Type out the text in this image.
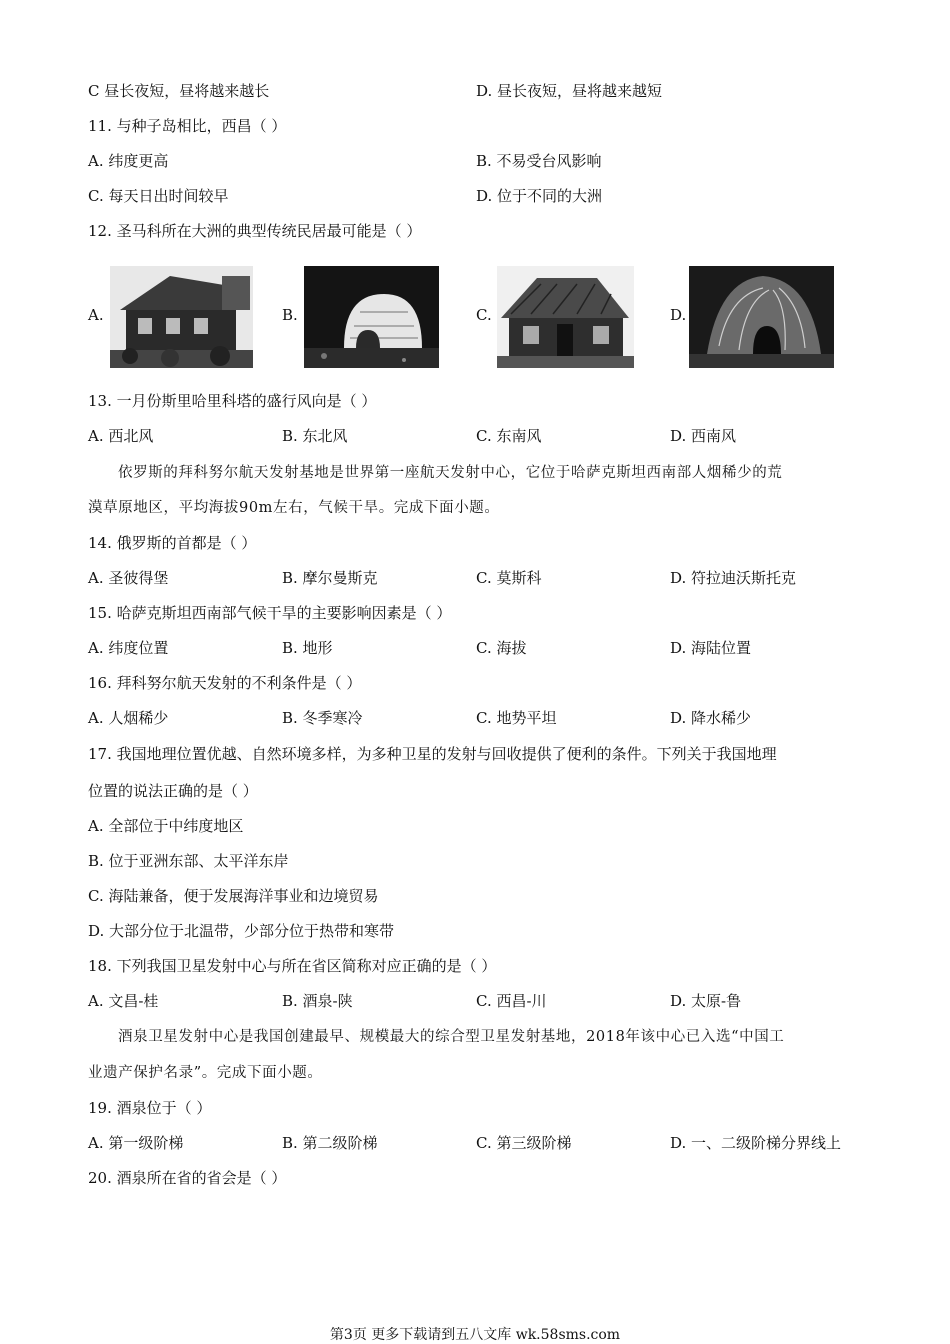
C 昼长夜短，昼将越来越长	D. 昼长夜短，昼将越来越短
11. 与种子岛相比，西昌（ ）
A. 纬度更高	B. 不易受台风影响
C. 每天日出时间较早	D. 位于不同的大洲
12. 圣马科所在大洲的典型传统民居最可能是（ ）
A.	B.	C.	D.
13. 一月份斯里哈里科塔的盛行风向是（ ）
A. 西北风	B. 东北风	C. 东南风	D. 西南风
依罗斯的拜科努尔航天发射基地是世界第一座航天发射中心，它位于哈萨克斯坦西南部人烟稀少的荒
漠草原地区，平均海拔90m左右，气候干旱。完成下面小题。
14. 俄罗斯的首都是（ ）
A. 圣彼得堡	B. 摩尔曼斯克	C. 莫斯科	D. 符拉迪沃斯托克
15. 哈萨克斯坦西南部气候干旱的主要影响因素是（ ）
A. 纬度位置	B. 地形	C. 海拔	D. 海陆位置
16. 拜科努尔航天发射的不利条件是（ ）
A. 人烟稀少	B. 冬季寒冷	C. 地势平坦	D. 降水稀少
17. 我国地理位置优越、自然环境多样，为多种卫星的发射与回收提供了便利的条件。下列关于我国地理
位置的说法正确的是（ ）
A. 全部位于中纬度地区
B. 位于亚洲东部、太平洋东岸
C. 海陆兼备，便于发展海洋事业和边境贸易
D. 大部分位于北温带，少部分位于热带和寒带
18. 下列我国卫星发射中心与所在省区简称对应正确的是（ ）
A. 文昌-桂	B. 酒泉-陕	C. 西昌-川	D. 太原-鲁
酒泉卫星发射中心是我国创建最早、规模最大的综合型卫星发射基地，2018年该中心已入选“中国工
业遗产保护名录”。完成下面小题。
19. 酒泉位于（ ）
A. 第一级阶梯	B. 第二级阶梯	C. 第三级阶梯	D. 一、二级阶梯分界线上
20. 酒泉所在省的省会是（ ）
第3页 更多下载请到五八文库 wk.58sms.com
